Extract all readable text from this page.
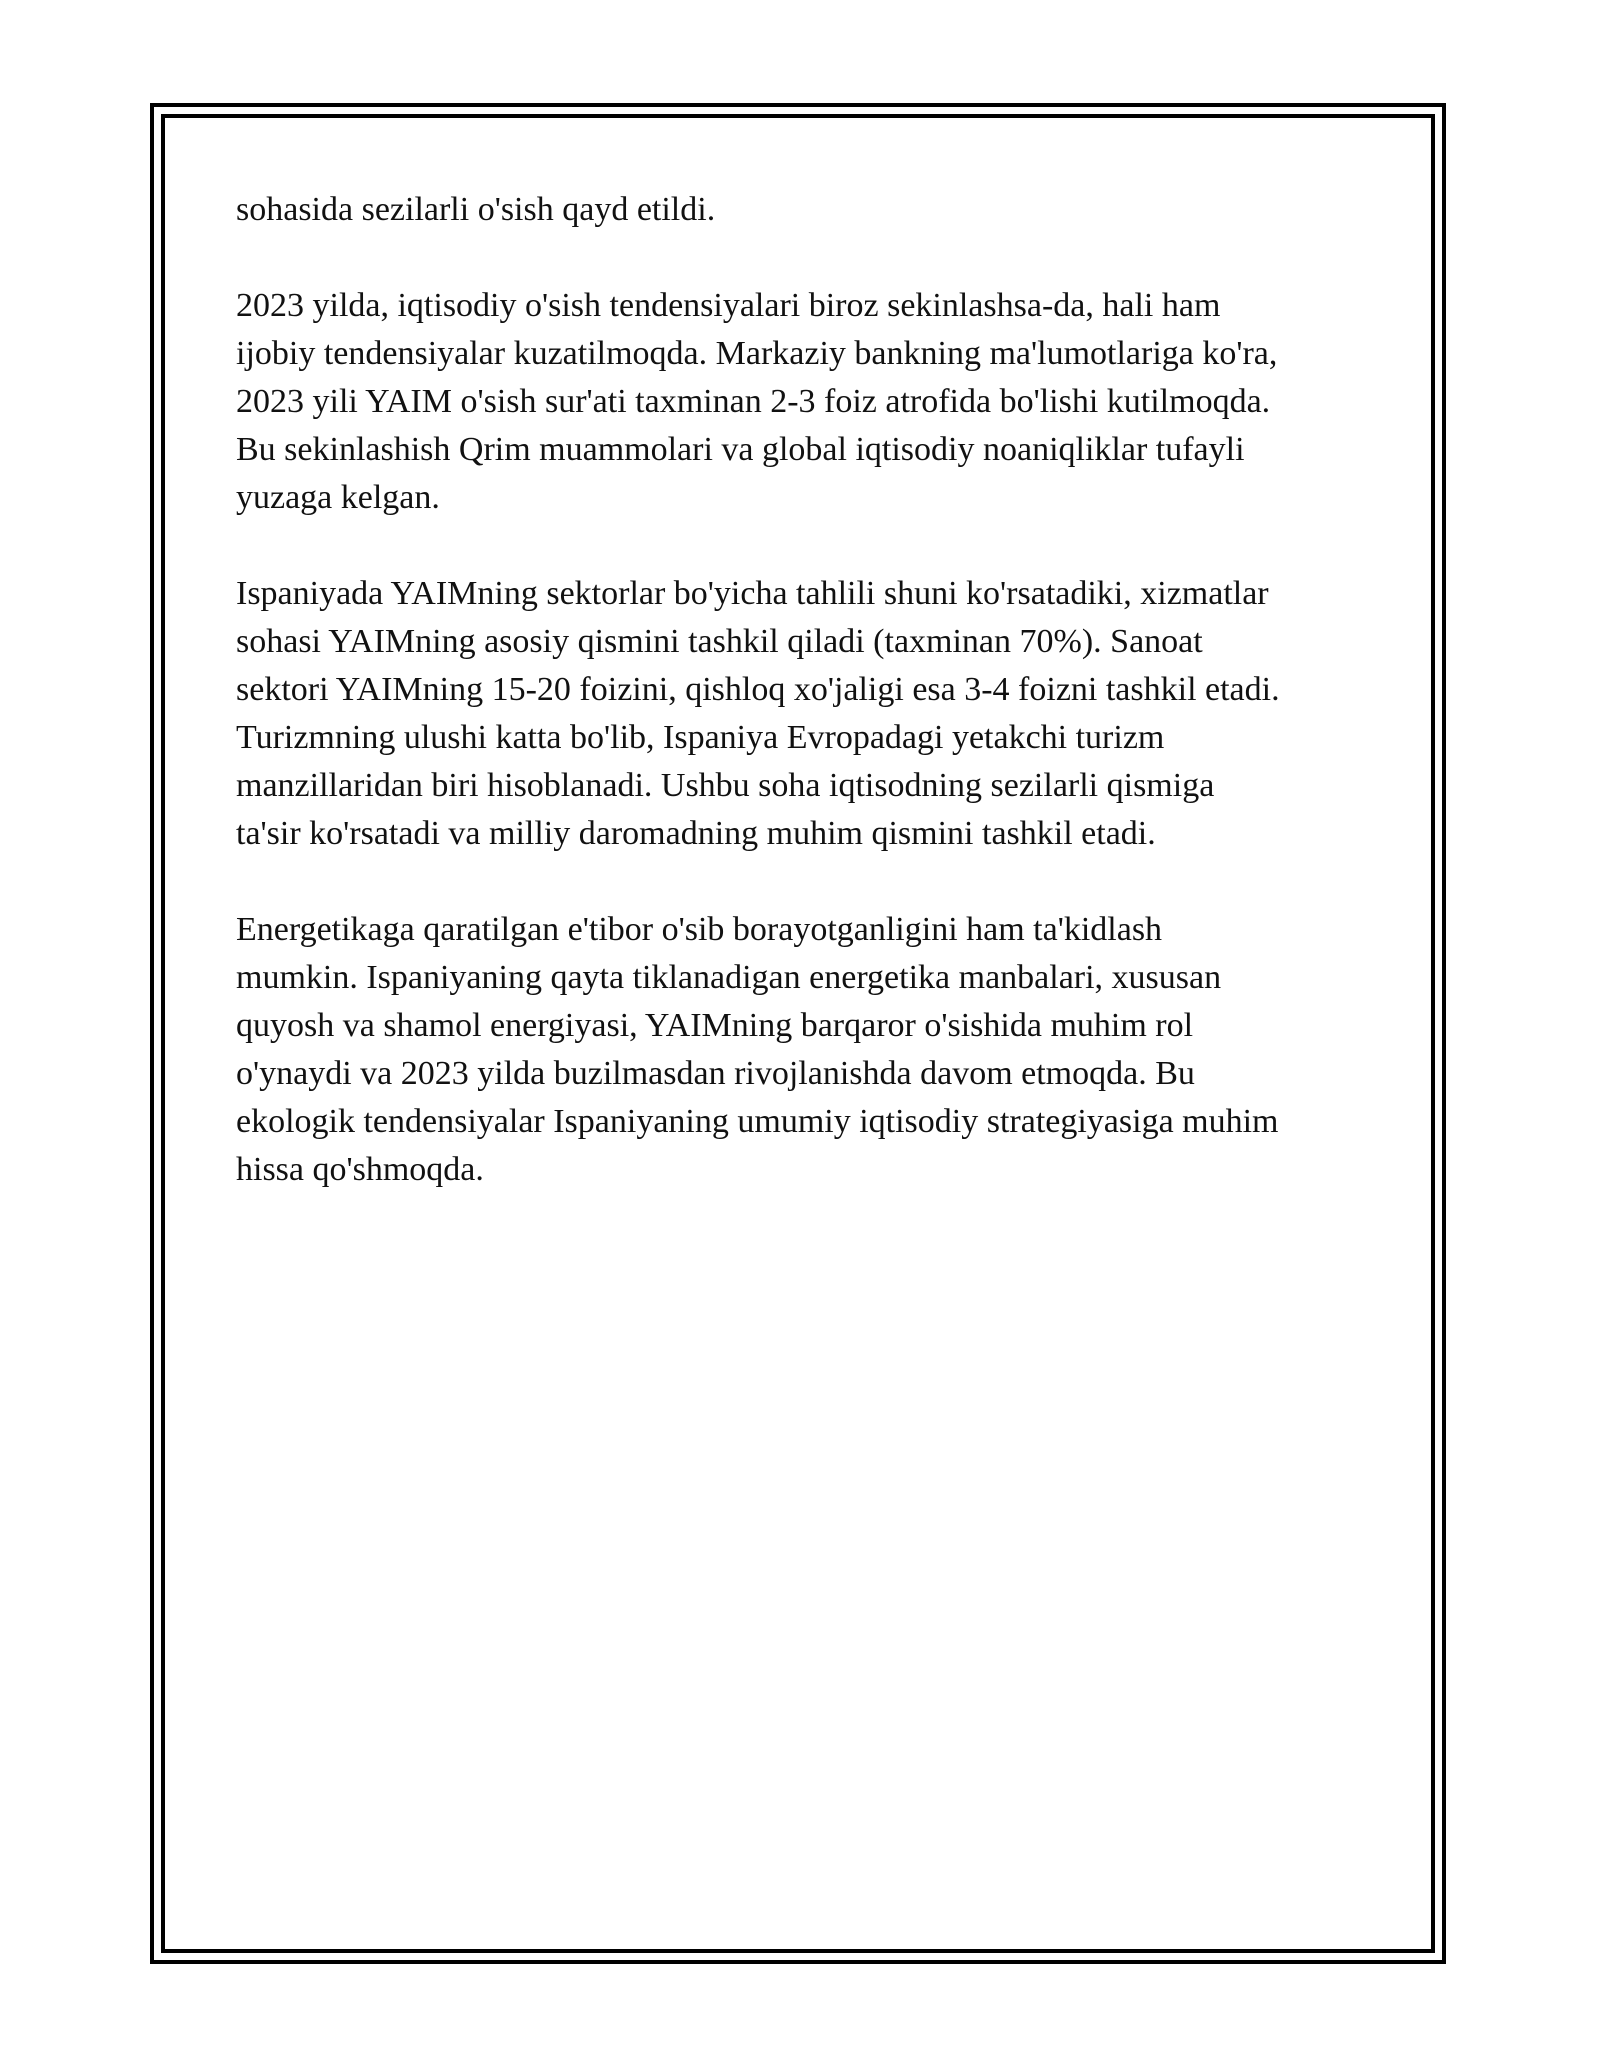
sohasida sezilarli o'sish qayd etildi.

2023 yilda, iqtisodiy o'sish tendensiyalari biroz sekinlashsa-da, hali ham
ijobiy tendensiyalar kuzatilmoqda. Markaziy bankning ma'lumotlariga ko'ra,
2023 yili YAIM o'sish sur'ati taxminan 2-3 foiz atrofida bo'lishi kutilmoqda.
Bu sekinlashish Qrim muammolari va global iqtisodiy noaniqliklar tufayli
yuzaga kelgan.

Ispaniyada YAIMning sektorlar bo'yicha tahlili shuni ko'rsatadiki, xizmatlar
sohasi YAIMning asosiy qismini tashkil qiladi (taxminan 70%). Sanoat
sektori YAIMning 15-20 foizini, qishloq xo'jaligi esa 3-4 foizni tashkil etadi.
Turizmning ulushi katta bo'lib, Ispaniya Evropadagi yetakchi turizm
manzillaridan biri hisoblanadi. Ushbu soha iqtisodning sezilarli qismiga
ta'sir ko'rsatadi va milliy daromadning muhim qismini tashkil etadi.

Energetikaga qaratilgan e'tibor o'sib borayotganligini ham ta'kidlash
mumkin. Ispaniyaning qayta tiklanadigan energetika manbalari, xususan
quyosh va shamol energiyasi, YAIMning barqaror o'sishida muhim rol
o'ynaydi va 2023 yilda buzilmasdan rivojlanishda davom etmoqda. Bu
ekologik tendensiyalar Ispaniyaning umumiy iqtisodiy strategiyasiga muhim
hissa qo'shmoqda.
